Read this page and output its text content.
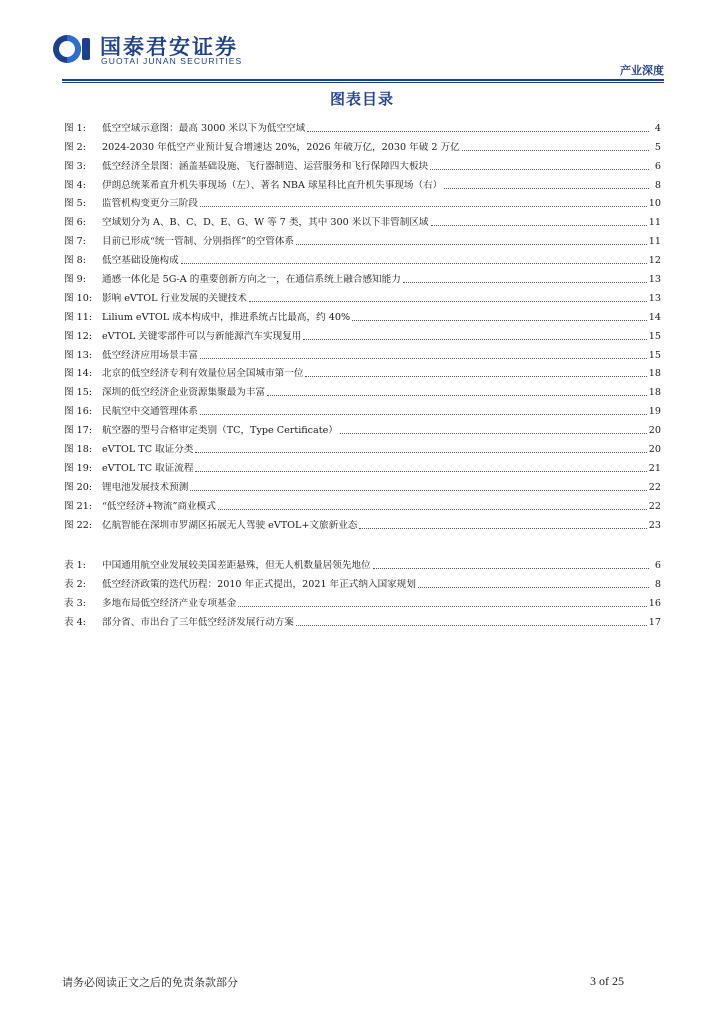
国泰君安证券
GUOTAI JUNAN SECURITIES
产业深度
图表目录
图 1:	低空空域示意图：最高 3000 米以下为低空空域	4
图 2:	2024-2030 年低空产业预计复合增速达 20%，2026 年破万亿，2030 年破 2 万亿	5
图 3:	低空经济全景图：涵盖基础设施、飞行器制造、运营服务和飞行保障四大板块	6
图 4:	伊朗总统莱希直升机失事现场（左）、著名 NBA 球星科比直升机失事现场（右）	8
图 5:	监管机构变更分三阶段	10
图 6:	空域划分为 A、B、C、D、E、G、W 等 7 类，其中 300 米以下非管制区域	11
图 7:	目前已形成“统一管制、分别指挥”的空管体系	11
图 8:	低空基础设施构成	12
图 9:	通感一体化是 5G-A 的重要创新方向之一，在通信系统上融合感知能力	13
图 10:	影响 eVTOL 行业发展的关键技术	13
图 11:	Lilium eVTOL 成本构成中，推进系统占比最高，约 40%	14
图 12:	eVTOL 关键零部件可以与新能源汽车实现复用	15
图 13:	低空经济应用场景丰富	15
图 14:	北京的低空经济专利有效量位居全国城市第一位	18
图 15:	深圳的低空经济企业资源集聚最为丰富	18
图 16:	民航空中交通管理体系	19
图 17:	航空器的型号合格审定类别（TC，Type Certificate）	20
图 18:	eVTOL TC 取证分类	20
图 19:	eVTOL TC 取证流程	21
图 20:	锂电池发展技术预测	22
图 21:	“低空经济+物流”商业模式	22
图 22:	亿航智能在深圳市罗湖区拓展无人驾驶 eVTOL+文旅新业态	23
表 1:	中国通用航空业发展较美国差距悬殊，但无人机数量居领先地位	6
表 2:	低空经济政策的迭代历程：2010 年正式提出，2021 年正式纳入国家规划	8
表 3:	多地布局低空经济产业专项基金	16
表 4:	部分省、市出台了三年低空经济发展行动方案	17
请务必阅读正文之后的免责条款部分	3 of 25
